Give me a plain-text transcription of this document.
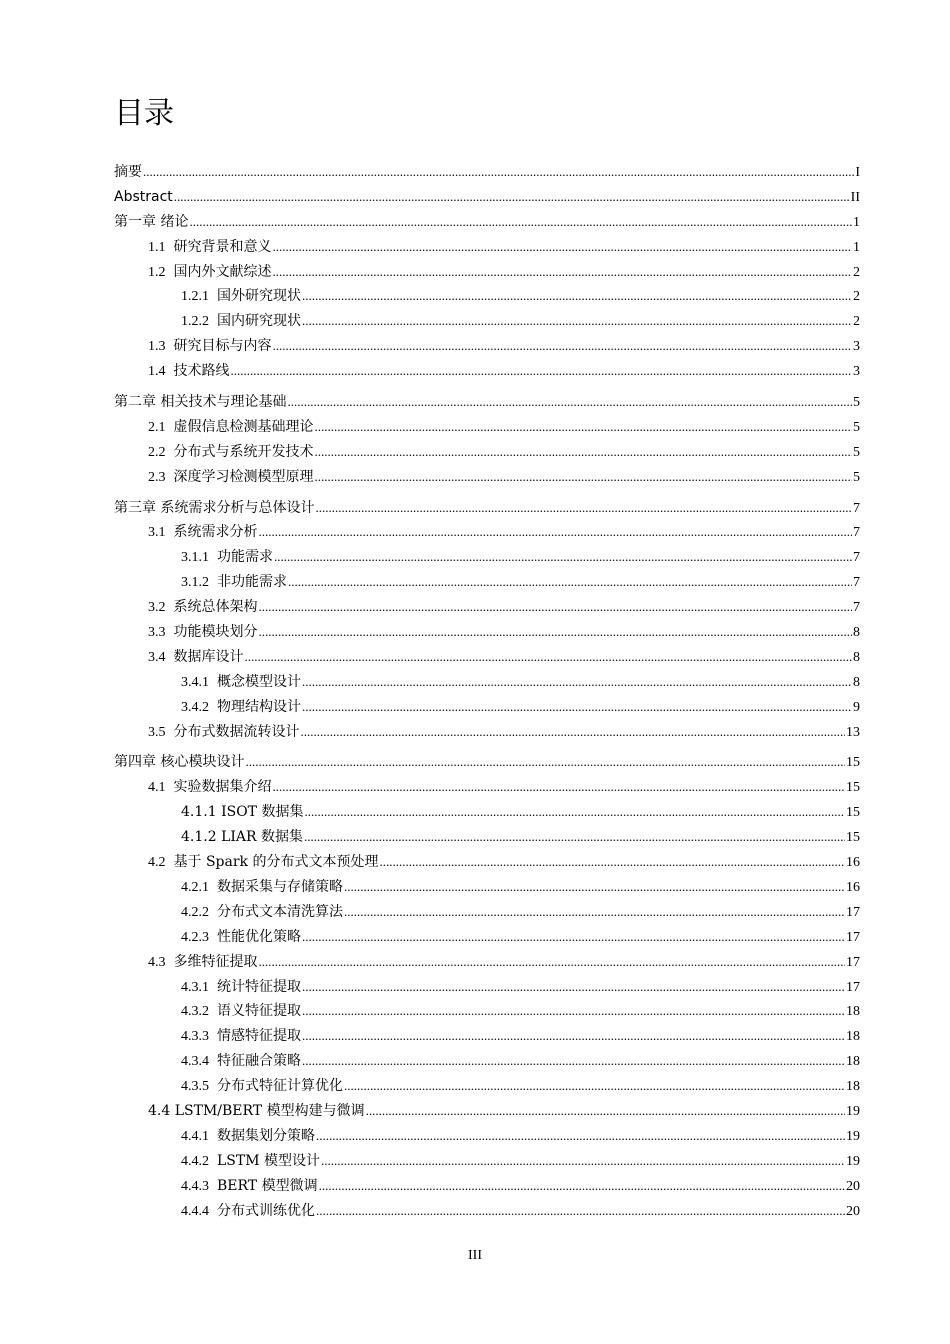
目录
摘要 .....	I
Abstract .....	II
第一章 绪论 .....	1
1.1 研究背景和意义 .....	1
1.2 国内外文献综述 .....	2
1.2.1 国外研究现状 .....	2
1.2.2 国内研究现状 .....	2
1.3 研究目标与内容 .....	3
1.4 技术路线 .....	3
第二章 相关技术与理论基础 .....	5
2.1 虚假信息检测基础理论 .....	5
2.2 分布式与系统开发技术 .....	5
2.3 深度学习检测模型原理 .....	5
第三章 系统需求分析与总体设计 .....	7
3.1 系统需求分析 .....	7
3.1.1 功能需求 .....	7
3.1.2 非功能需求 .....	7
3.2 系统总体架构 .....	7
3.3 功能模块划分 .....	8
3.4 数据库设计 .....	8
3.4.1 概念模型设计 .....	8
3.4.2 物理结构设计 .....	9
3.5 分布式数据流转设计 .....	13
第四章 核心模块设计 .....	15
4.1 实验数据集介绍 .....	15
4.1.1 ISOT 数据集 .....	15
4.1.2 LIAR 数据集 .....	15
4.2 基于 Spark 的分布式文本预处理 .....	16
4.2.1 数据采集与存储策略 .....	16
4.2.2 分布式文本清洗算法 .....	17
4.2.3 性能优化策略 .....	17
4.3 多维特征提取 .....	17
4.3.1 统计特征提取 .....	17
4.3.2 语义特征提取 .....	18
4.3.3 情感特征提取 .....	18
4.3.4 特征融合策略 .....	18
4.3.5 分布式特征计算优化 .....	18
4.4 LSTM/BERT 模型构建与微调 .....	19
4.4.1 数据集划分策略 .....	19
4.4.2 LSTM 模型设计 .....	19
4.4.3 BERT 模型微调 .....	20
4.4.4 分布式训练优化 .....	20
III
